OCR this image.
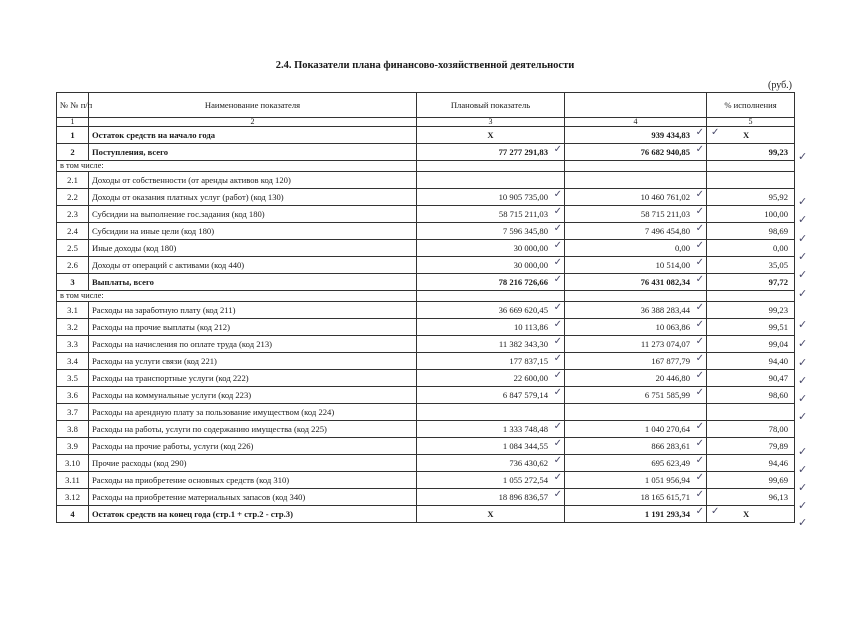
2.4. Показатели плана финансово-хозяйственной деятельности
(руб.)
№ № п/п	Наименование показателя	Плановый показатель		% исполнения
1	2	3	4	5
1	Остаток средств на начало года	X	939 434,83 ✓	✓ X
2	Поступления, всего	77 277 291,83 ✓	76 682 940,85 ✓	99,23
в том числе:				
2.1	Доходы от собственности (от аренды активов код 120)			
2.2	Доходы от оказания платных услуг (работ) (код 130)	10 905 735,00 ✓	10 460 761,02 ✓	95,92
2.3	Субсидии на выполнение гос.задания (код 180)	58 715 211,03 ✓	58 715 211,03 ✓	100,00
2.4	Субсидии на иные цели (код 180)	7 596 345,80 ✓	7 496 454,80 ✓	98,69
2.5	Иные доходы (код 180)	30 000,00 ✓	0,00 ✓	0,00
2.6	Доходы от операций с активами (код 440)	30 000,00 ✓	10 514,00 ✓	35,05
3	Выплаты, всего	78 216 726,66 ✓	76 431 082,34 ✓	97,72
в том числе:				
3.1	Расходы на заработную плату (код 211)	36 669 620,45 ✓	36 388 283,44 ✓	99,23
3.2	Расходы на прочие выплаты (код 212)	10 113,86 ✓	10 063,86 ✓	99,51
3.3	Расходы на начисления по оплате труда (код 213)	11 382 343,30 ✓	11 273 074,07 ✓	99,04
3.4	Расходы на услуги связи (код 221)	177 837,15 ✓	167 877,79 ✓	94,40
3.5	Расходы на транспортные услуги (код 222)	22 600,00 ✓	20 446,80 ✓	90,47
3.6	Расходы на коммунальные услуги (код 223)	6 847 579,14 ✓	6 751 585,99 ✓	98,60
3.7	Расходы на арендную плату за пользование имуществом (код 224)			
3.8	Расходы на работы, услуги по содержанию имущества (код 225)	1 333 748,48 ✓	1 040 270,64 ✓	78,00
3.9	Расходы на прочие работы, услуги (код 226)	1 084 344,55 ✓	866 283,61 ✓	79,89
3.10	Прочие расходы (код 290)	736 430,62 ✓	695 623,49 ✓	94,46
3.11	Расходы на приобретение основных средств (код 310)	1 055 272,54 ✓	1 051 956,94 ✓	99,69
3.12	Расходы на приобретение материальных запасов (код 340)	18 896 836,57 ✓	18 165 615,71 ✓	96,13
4	Остаток средств на конец года (стр.1 + стр.2 - стр.3)	X	1 191 293,34 ✓	✓ X
✓
✓
✓
✓
✓
✓
✓
✓
✓
✓
✓
✓
✓
✓
✓
✓
✓
✓
